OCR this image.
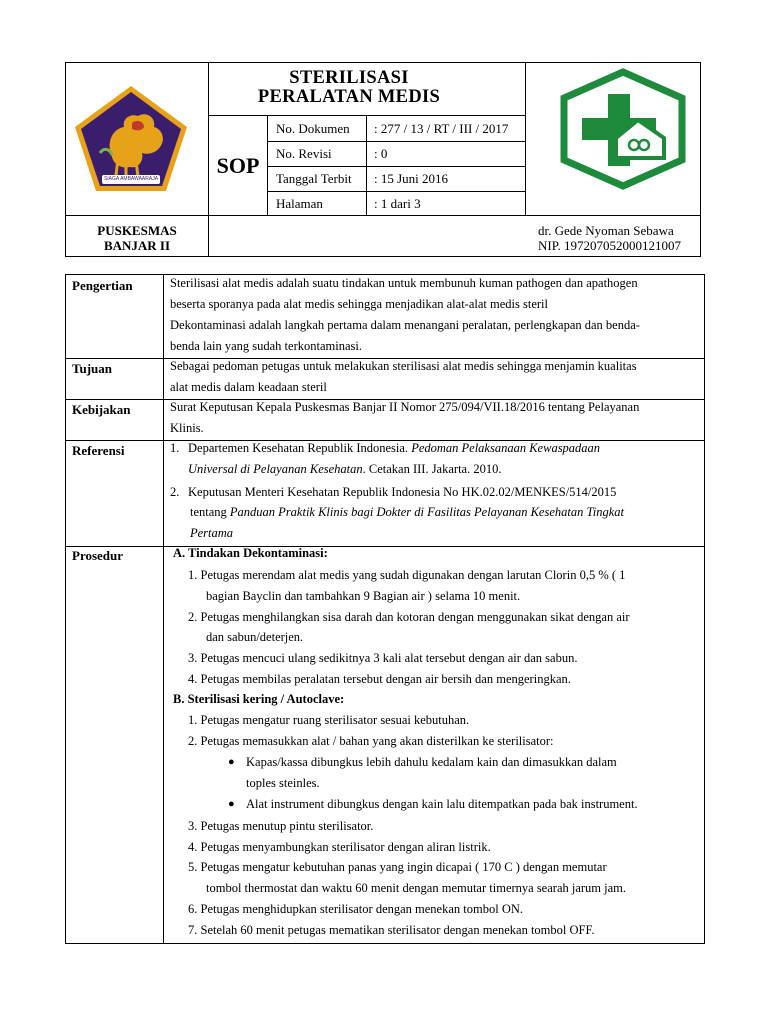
SIAGA AMBAWAARAJA
STERILISASI
PERALATAN MEDIS
SOP
No. Dokumen : 277 / 13 / RT / III / 2017
No. Revisi	: 0
Tanggal Terbit : 15 Juni 2016
Halaman	: 1 dari 3
PUSKESMAS
BANJAR II
dr. Gede Nyoman Sebawa
NIP. 197207052000121007
Pengertian	Sterilisasi alat medis adalah suatu tindakan untuk membunuh kuman pathogen dan apathogen
beserta sporanya pada alat medis sehingga menjadikan alat-alat medis steril
Dekontaminasi adalah langkah pertama dalam menangani peralatan, perlengkapan dan benda-
benda lain yang sudah terkontaminasi.
Tujuan	Sebagai pedoman petugas untuk melakukan sterilisasi alat medis sehingga menjamin kualitas
alat medis dalam keadaan steril
Kebijakan	Surat Keputusan Kepala Puskesmas Banjar II Nomor 275/094/VII.18/2016 tentang Pelayanan
Klinis.
Referensi	1. Departemen Kesehatan Republik Indonesia. Pedoman Pelaksanaan Kewaspadaan
Universal di Pelayanan Kesehatan. Cetakan III. Jakarta. 2010.
2. Keputusan Menteri Kesehatan Republik Indonesia No HK.02.02/MENKES/514/2015
tentang Panduan Praktik Klinis bagi Dokter di Fasilitas Pelayanan Kesehatan Tingkat
Pertama
Prosedur	A. Tindakan Dekontaminasi:
1. Petugas merendam alat medis yang sudah digunakan dengan larutan Clorin 0,5 % ( 1
bagian Bayclin dan tambahkan 9 Bagian air ) selama 10 menit.
2. Petugas menghilangkan sisa darah dan kotoran dengan menggunakan sikat dengan air
dan sabun/deterjen.
3. Petugas mencuci ulang sedikitnya 3 kali alat tersebut dengan air dan sabun.
4. Petugas membilas peralatan tersebut dengan air bersih dan mengeringkan.
B. Sterilisasi kering / Autoclave:
1. Petugas mengatur ruang sterilisator sesuai kebutuhan.
2. Petugas memasukkan alat / bahan yang akan disterilkan ke sterilisator:
● Kapas/kassa dibungkus lebih dahulu kedalam kain dan dimasukkan dalam
toples steinles.
● Alat instrument dibungkus dengan kain lalu ditempatkan pada bak instrument.
3. Petugas menutup pintu sterilisator.
4. Petugas menyambungkan sterilisator dengan aliran listrik.
5. Petugas mengatur kebutuhan panas yang ingin dicapai ( 170 C ) dengan memutar
tombol thermostat dan waktu 60 menit dengan memutar timernya searah jarum jam.
6. Petugas menghidupkan sterilisator dengan menekan tombol ON.
7. Setelah 60 menit petugas mematikan sterilisator dengan menekan tombol OFF.
